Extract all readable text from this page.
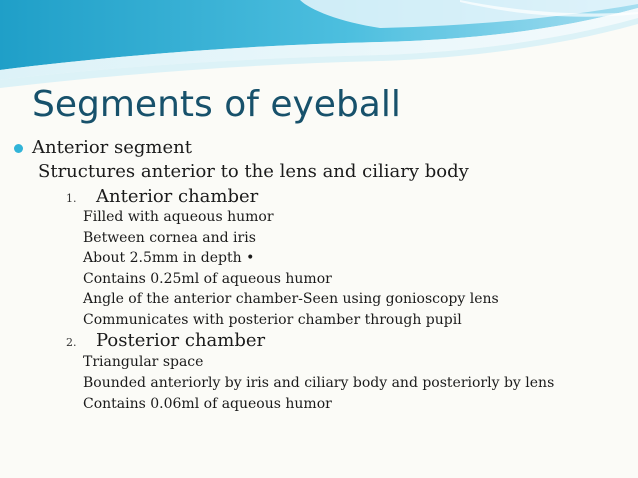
Segments of eyeball
Anterior segment
Structures anterior to the lens and ciliary body
1.	Anterior chamber
Filled with aqueous humor
Between cornea and iris
About 2.5mm in depth •
Contains 0.25ml of aqueous humor
Angle of the anterior chamber-Seen using gonioscopy lens
Communicates with posterior chamber through pupil
2.	Posterior chamber
Triangular space
Bounded anteriorly by iris and ciliary body and posteriorly by lens
Contains 0.06ml of aqueous humor
